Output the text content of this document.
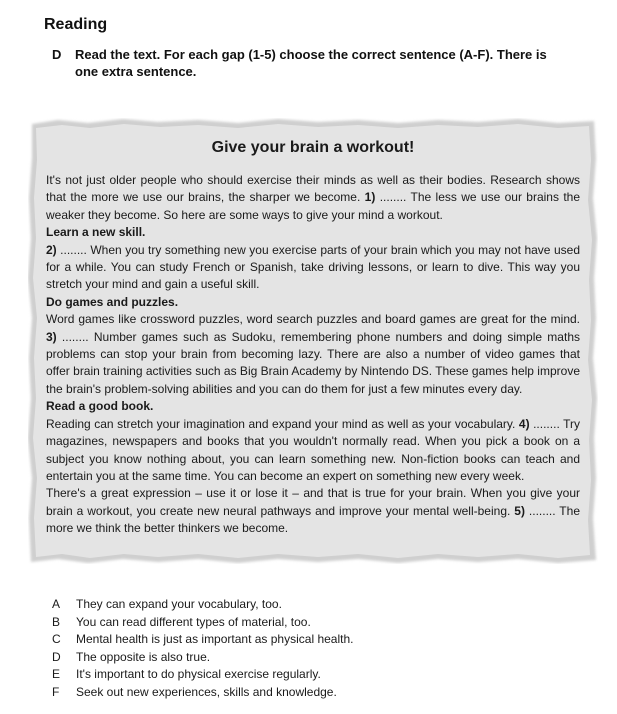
Reading
D Read the text. For each gap (1-5) choose the correct sentence (A-F). There is one extra sentence.
Give your brain a workout!

It's not just older people who should exercise their minds as well as their bodies. Research shows that the more we use our brains, the sharper we become. 1) ........ The less we use our brains the weaker they become. So here are some ways to give your mind a workout.

Learn a new skill.

2) ........ When you try something new you exercise parts of your brain which you may not have used for a while. You can study French or Spanish, take driving lessons, or learn to dive. This way you stretch your mind and gain a useful skill.

Do games and puzzles.

Word games like crossword puzzles, word search puzzles and board games are great for the mind. 3) ........ Number games such as Sudoku, remembering phone numbers and doing simple maths problems can stop your brain from becoming lazy. There are also a number of video games that offer brain training activities such as Big Brain Academy by Nintendo DS. These games help improve the brain's problem-solving abilities and you can do them for just a few minutes every day.

Read a good book.

Reading can stretch your imagination and expand your mind as well as your vocabulary. 4) ........ Try magazines, newspapers and books that you wouldn't normally read. When you pick a book on a subject you know nothing about, you can learn something new. Non-fiction books can teach and entertain you at the same time. You can become an expert on something new every week.

There's a great expression – use it or lose it – and that is true for your brain. When you give your brain a workout, you create new neural pathways and improve your mental well-being. 5) ........ The more we think the better thinkers we become.

A They can expand your vocabulary, too.
B You can read different types of material, too.
C Mental health is just as important as physical health.
D The opposite is also true.
E It's important to do physical exercise regularly.
F Seek out new experiences, skills and knowledge.
